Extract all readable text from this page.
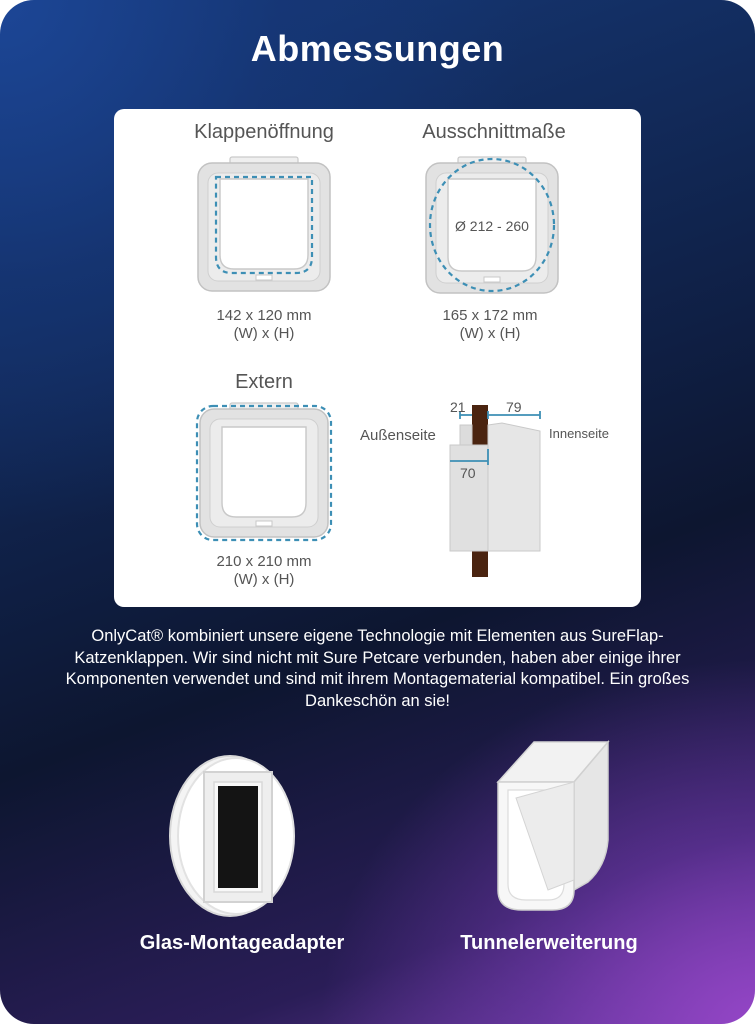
Abmessungen
Klappenöffnung
142 x 120 mm
(W) x (H)
Ausschnittmaße
Ø 212 - 260
165 x 172 mm
(W) x (H)
Extern
210 x 210 mm
(W) x (H)
21	79
70
Außenseite	Innenseite
OnlyCat® kombiniert unsere eigene Technologie mit Elementen aus SureFlap-Katzenklappen. Wir sind nicht mit Sure Petcare verbunden, haben aber einige ihrer Komponenten verwendet und sind mit ihrem Montagematerial kompatibel. Ein großes Dankeschön an sie!
Glas-Montageadapter	Tunnelerweiterung
